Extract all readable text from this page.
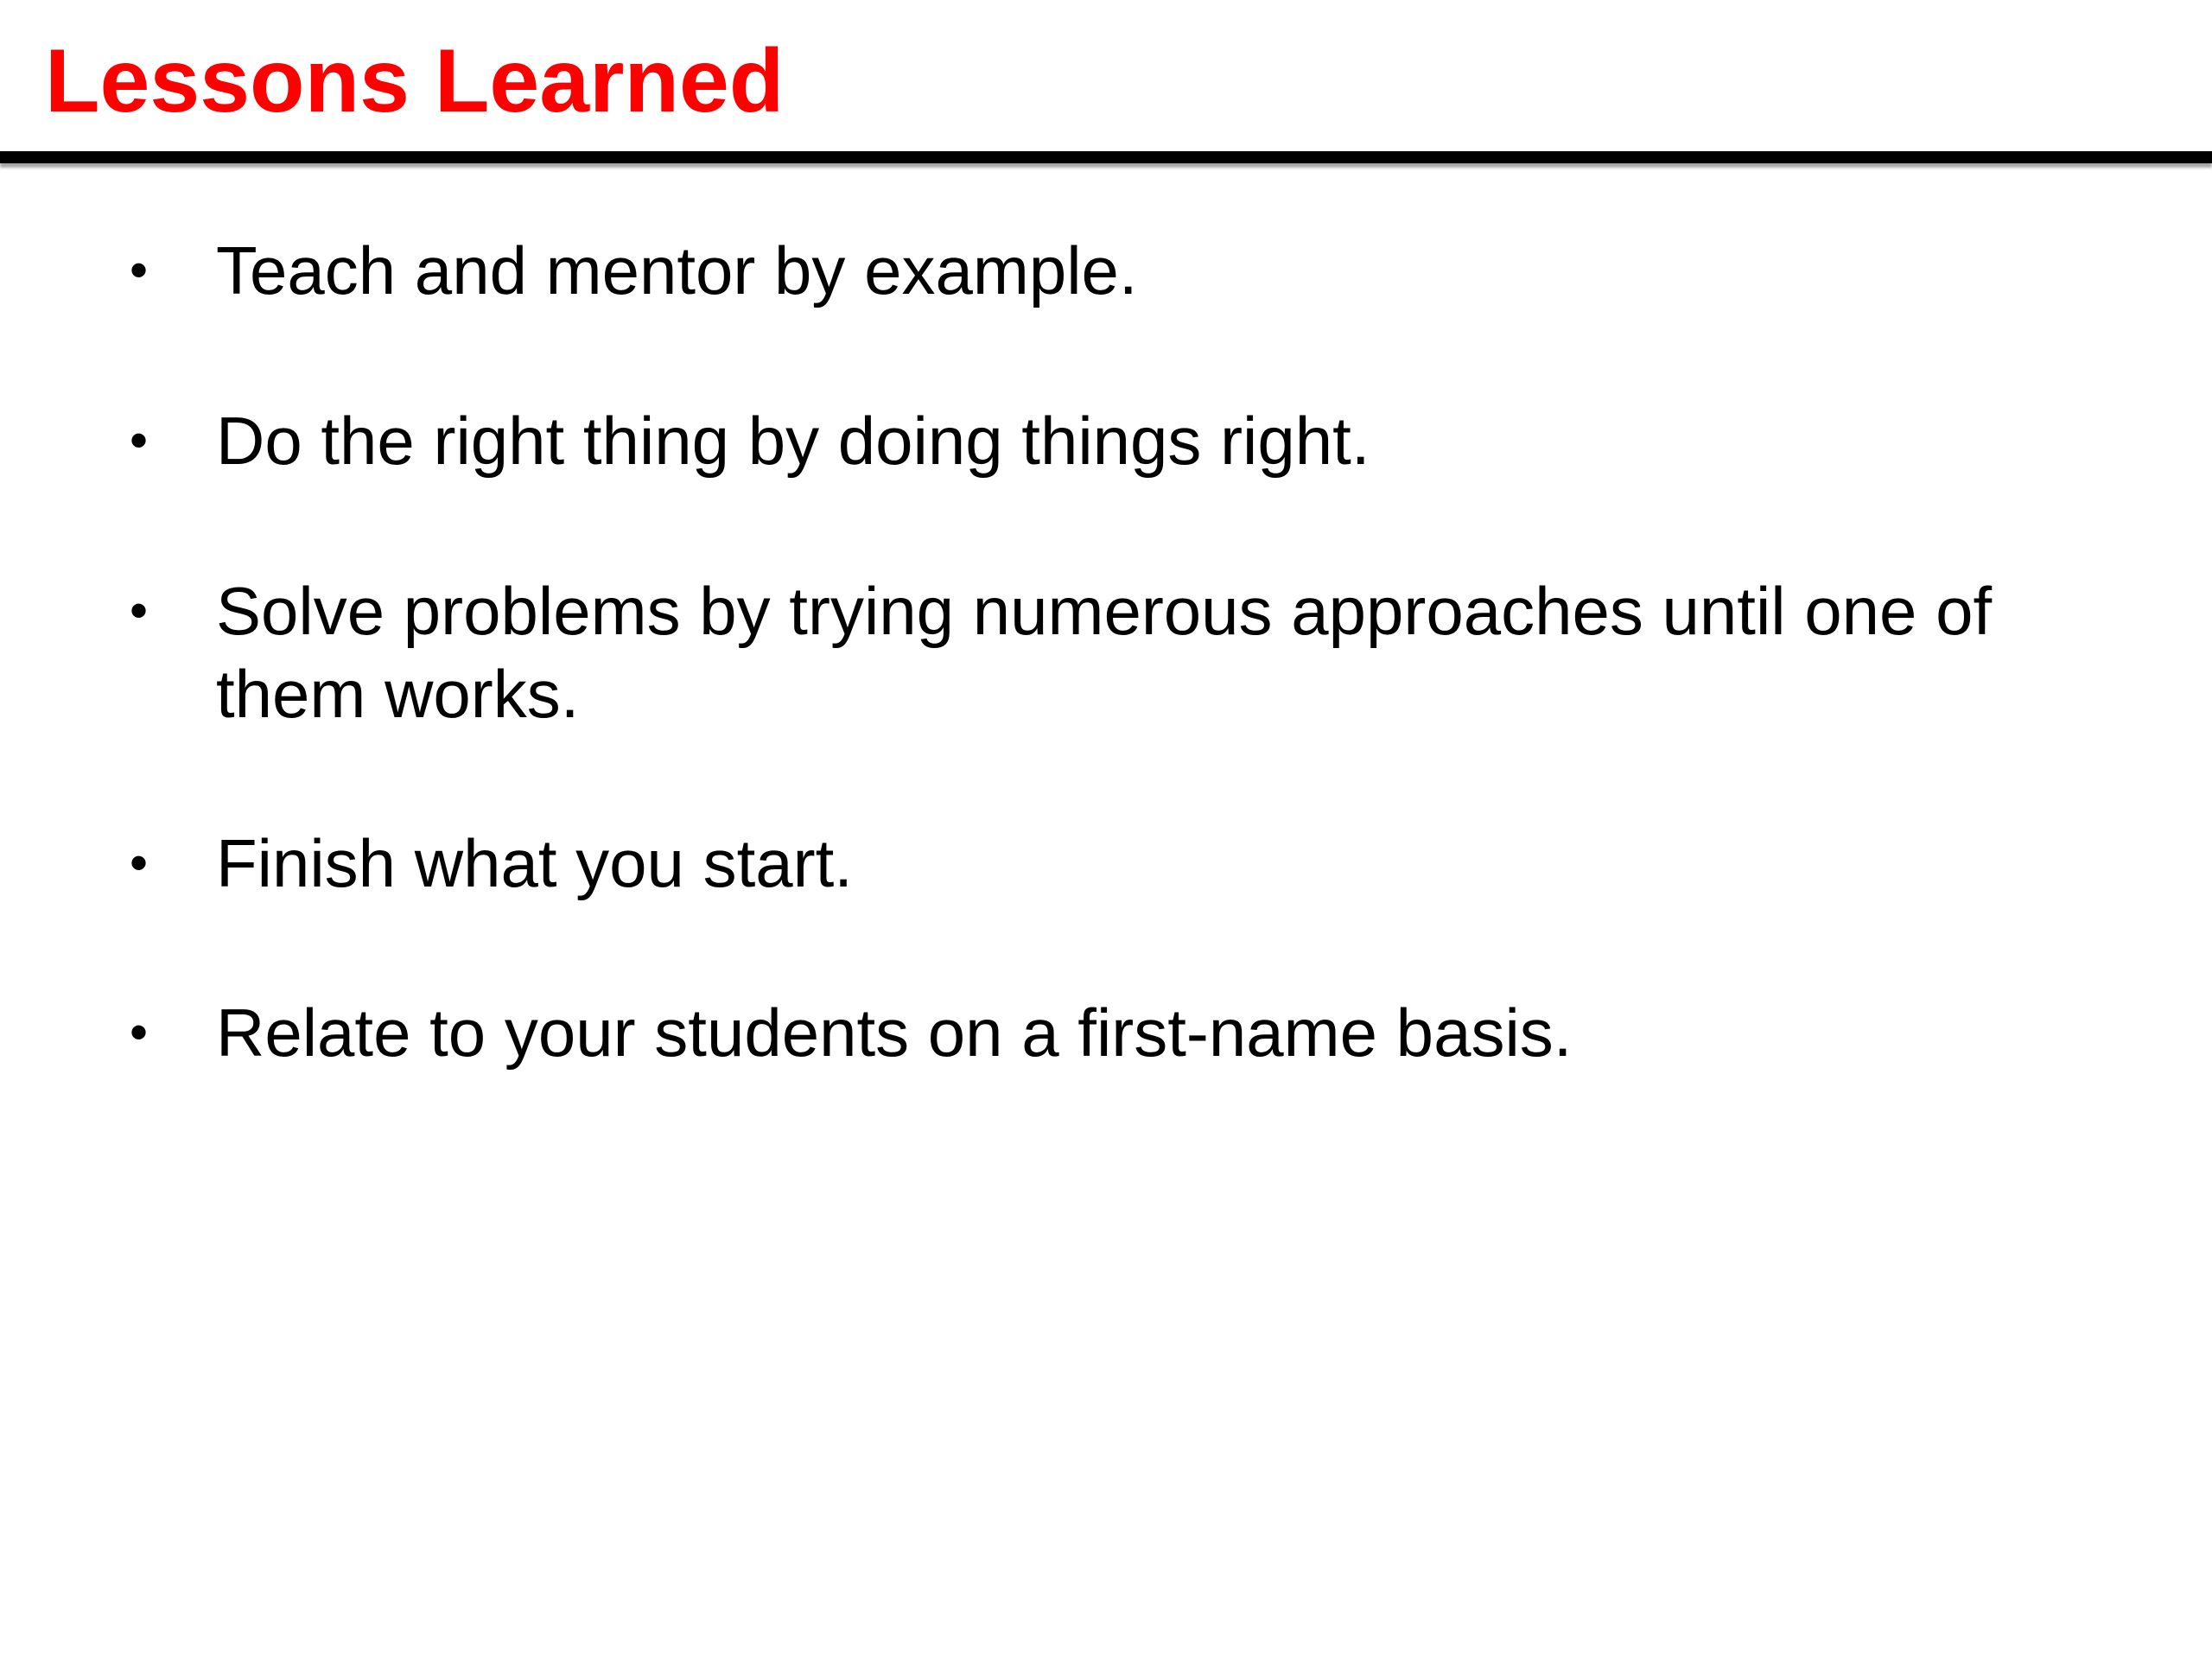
Lessons Learned
• Teach and mentor by example.
• Do the right thing by doing things right.
• Solve problems by trying numerous approaches until one of them works.
• Finish what you start.
• Relate to your students on a first-name basis.
